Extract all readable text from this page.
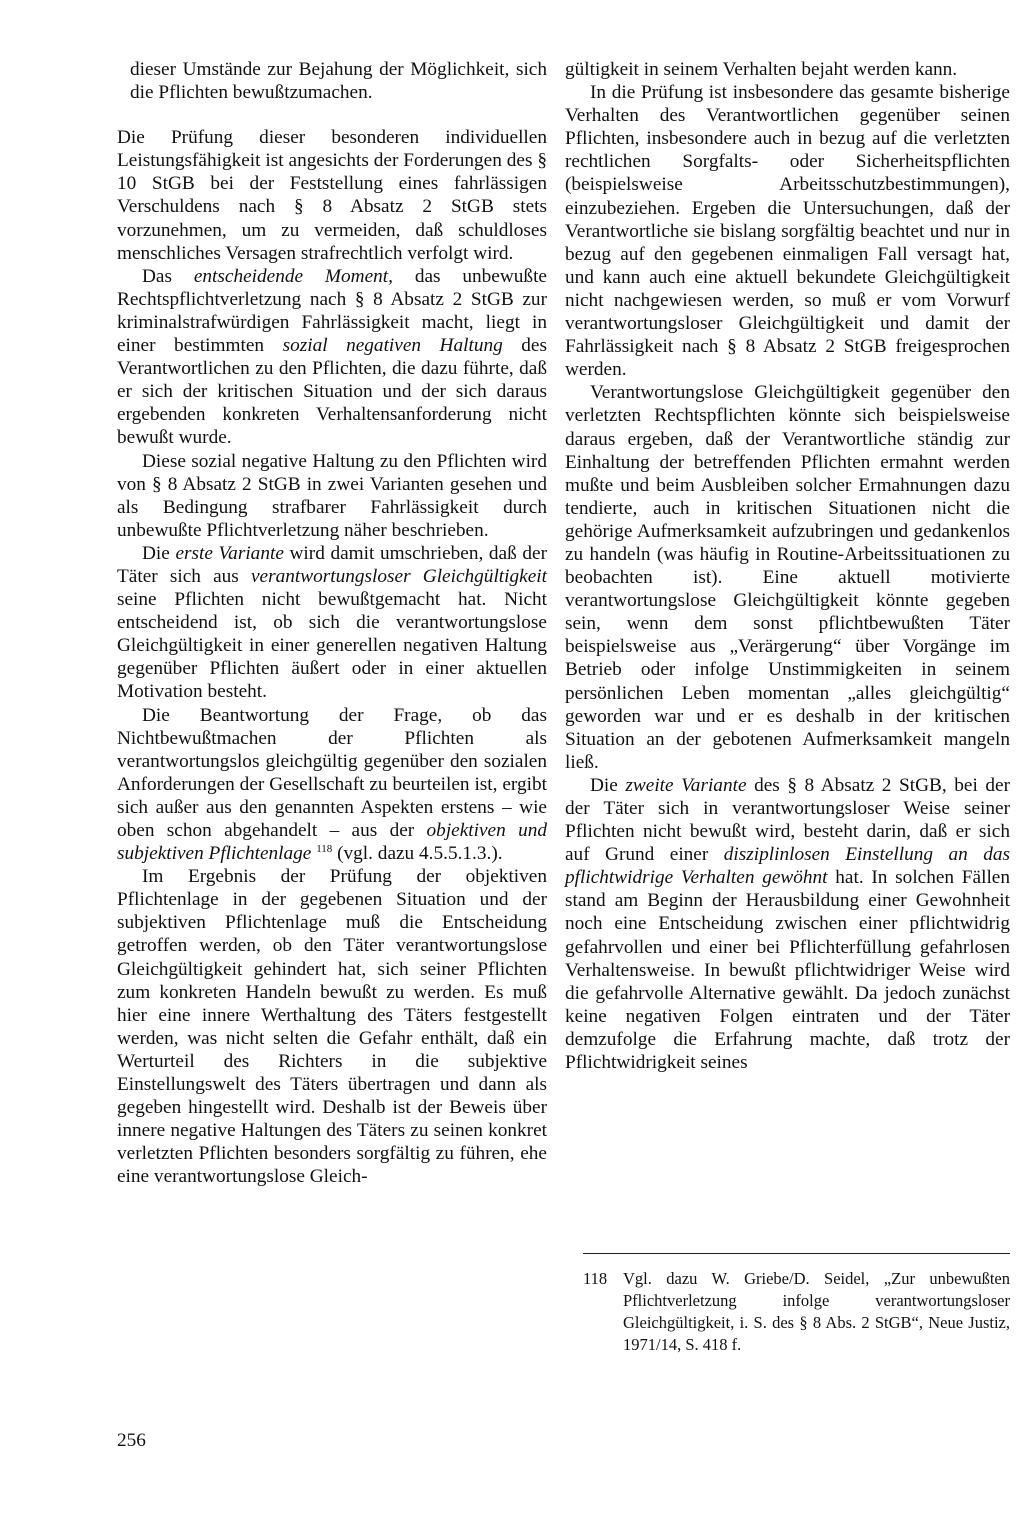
dieser Umstände zur Bejahung der Möglichkeit, sich die Pflichten bewußtzumachen.

Die Prüfung dieser besonderen individuellen Leistungsfähigkeit ist angesichts der Forderungen des § 10 StGB bei der Feststellung eines fahrlässigen Verschuldens nach § 8 Absatz 2 StGB stets vorzunehmen, um zu vermeiden, daß schuldloses menschliches Versagen strafrechtlich verfolgt wird.

Das entscheidende Moment, das unbewußte Rechtspflichtverletzung nach § 8 Absatz 2 StGB zur kriminalstrafwürdigen Fahrlässigkeit macht, liegt in einer bestimmten sozial negativen Haltung des Verantwortlichen zu den Pflichten, die dazu führte, daß er sich der kritischen Situation und der sich daraus ergebenden konkreten Verhaltensanforderung nicht bewußt wurde.

Diese sozial negative Haltung zu den Pflichten wird von § 8 Absatz 2 StGB in zwei Varianten gesehen und als Bedingung strafbarer Fahrlässigkeit durch unbewußte Pflichtverletzung näher beschrieben.

Die erste Variante wird damit umschrieben, daß der Täter sich aus verantwortungsloser Gleichgültigkeit seine Pflichten nicht bewußtgemacht hat. Nicht entscheidend ist, ob sich die verantwortungslose Gleichgültigkeit in einer generellen negativen Haltung gegenüber Pflichten äußert oder in einer aktuellen Motivation besteht.

Die Beantwortung der Frage, ob das Nichtbewußtmachen der Pflichten als verantwortungslos gleichgültig gegenüber den sozialen Anforderungen der Gesellschaft zu beurteilen ist, ergibt sich außer aus den genannten Aspekten erstens – wie oben schon abgehandelt – aus der objektiven und subjektiven Pflichtenlage $^{118}$ (vgl. dazu 4.5.5.1.3.).

Im Ergebnis der Prüfung der objektiven Pflichtenlage in der gegebenen Situation und der subjektiven Pflichtenlage muß die Entscheidung getroffen werden, ob den Täter verantwortungslose Gleichgültigkeit gehindert hat, sich seiner Pflichten zum konkreten Handeln bewußt zu werden. Es muß hier eine innere Werthaltung des Täters festgestellt werden, was nicht selten die Gefahr enthält, daß ein Werturteil des Richters in die subjektive Einstellungswelt des Täters übertragen und dann als gegeben hingestellt wird. Deshalb ist der Beweis über innere negative Haltungen des Täters zu seinen konkret verletzten Pflichten besonders sorgfältig zu führen, ehe eine verantwortungslose Gleich-

gültigkeit in seinem Verhalten bejaht werden kann.

In die Prüfung ist insbesondere das gesamte bisherige Verhalten des Verantwortlichen gegenüber seinen Pflichten, insbesondere auch in bezug auf die verletzten rechtlichen Sorgfalts- oder Sicherheitspflichten (beispielsweise Arbeitsschutzbestimmungen), einzubeziehen. Ergeben die Untersuchungen, daß der Verantwortliche sie bislang sorgfältig beachtet und nur in bezug auf den gegebenen einmaligen Fall versagt hat, und kann auch eine aktuell bekundete Gleichgültigkeit nicht nachgewiesen werden, so muß er vom Vorwurf verantwortungsloser Gleichgültigkeit und damit der Fahrlässigkeit nach § 8 Absatz 2 StGB freigesprochen werden.

Verantwortungslose Gleichgültigkeit gegenüber den verletzten Rechtspflichten könnte sich beispielsweise daraus ergeben, daß der Verantwortliche ständig zur Einhaltung der betreffenden Pflichten ermahnt werden mußte und beim Ausbleiben solcher Ermahnungen dazu tendierte, auch in kritischen Situationen nicht die gehörige Aufmerksamkeit aufzubringen und gedankenlos zu handeln (was häufig in Routine-Arbeitssituationen zu beobachten ist). Eine aktuell motivierte verantwortungslose Gleichgültigkeit könnte gegeben sein, wenn dem sonst pflichtbewußten Täter beispielsweise aus „Verärgerung“ über Vorgänge im Betrieb oder infolge Unstimmigkeiten in seinem persönlichen Leben momentan „alles gleichgültig“ geworden war und er es deshalb in der kritischen Situation an der gebotenen Aufmerksamkeit mangeln ließ.

Die zweite Variante des § 8 Absatz 2 StGB, bei der der Täter sich in verantwortungsloser Weise seiner Pflichten nicht bewußt wird, besteht darin, daß er sich auf Grund einer disziplinlosen Einstellung an das pflichtwidrige Verhalten gewöhnt hat. In solchen Fällen stand am Beginn der Herausbildung einer Gewohnheit noch eine Entscheidung zwischen einer pflichtwidrig gefahrvollen und einer bei Pflichterfüllung gefahrlosen Verhaltensweise. In bewußt pflichtwidriger Weise wird die gefahrvolle Alternative gewählt. Da jedoch zunächst keine negativen Folgen eintraten und der Täter demzufolge die Erfahrung machte, daß trotz der Pflichtwidrigkeit seines

118 Vgl. dazu W. Griebe/D. Seidel, „Zur unbewußten Pflichtverletzung infolge verantwortungsloser Gleichgültigkeit, i. S. des § 8 Abs. 2 StGB“, Neue Justiz, 1971/14, S. 418 f.
256
